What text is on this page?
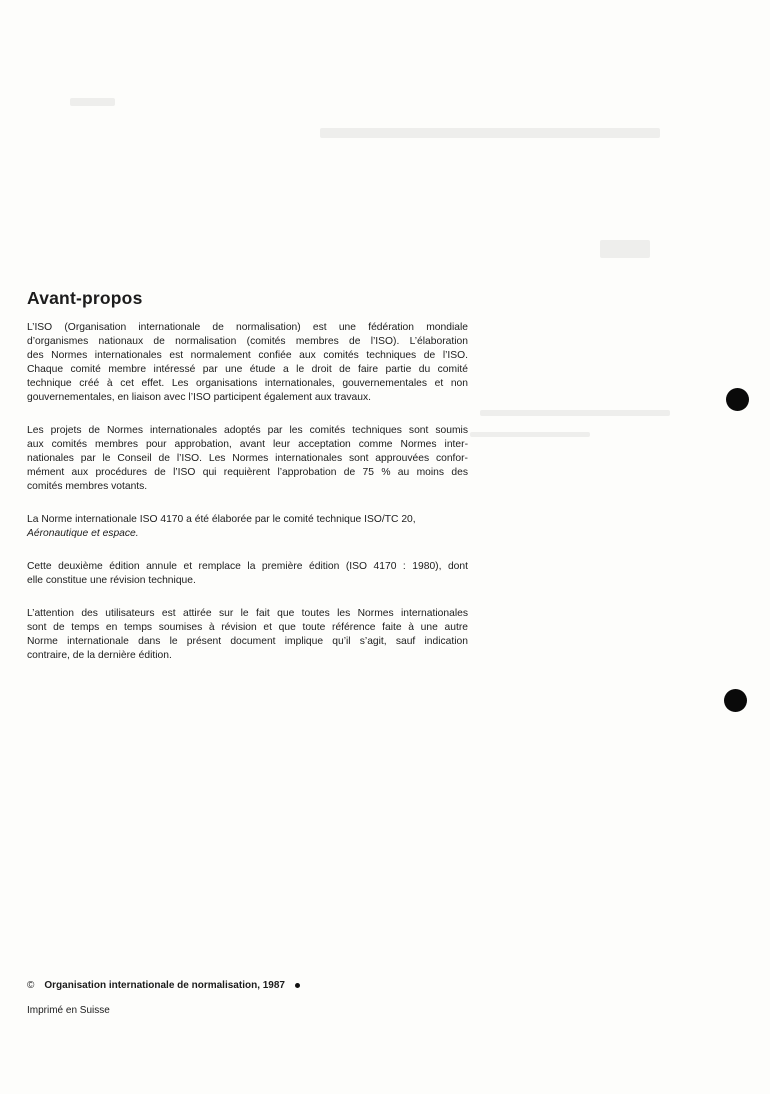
Avant-propos
L’ISO (Organisation internationale de normalisation) est une fédération mondiale
d’organismes nationaux de normalisation (comités membres de l’ISO). L’élaboration
des Normes internationales est normalement confiée aux comités techniques de l’ISO.
Chaque comité membre intéressé par une étude a le droit de faire partie du comité
technique créé à cet effet. Les organisations internationales, gouvernementales et non
gouvernementales, en liaison avec l’ISO participent également aux travaux.
Les projets de Normes internationales adoptés par les comités techniques sont soumis
aux comités membres pour approbation, avant leur acceptation comme Normes inter-
nationales par le Conseil de l’ISO. Les Normes internationales sont approuvées confor-
mément aux procédures de l’ISO qui requièrent l’approbation de 75 % au moins des
comités membres votants.
La Norme internationale ISO 4170 a été élaborée par le comité technique ISO/TC 20,
Aéronautique et espace.
Cette deuxième édition annule et remplace la première édition (ISO 4170 : 1980), dont
elle constitue une révision technique.
L’attention des utilisateurs est attirée sur le fait que toutes les Normes internationales
sont de temps en temps soumises à révision et que toute référence faite à une autre
Norme internationale dans le présent document implique qu’il s’agit, sauf indication
contraire, de la dernière édition.
© Organisation internationale de normalisation, 1987
Imprimé en Suisse
